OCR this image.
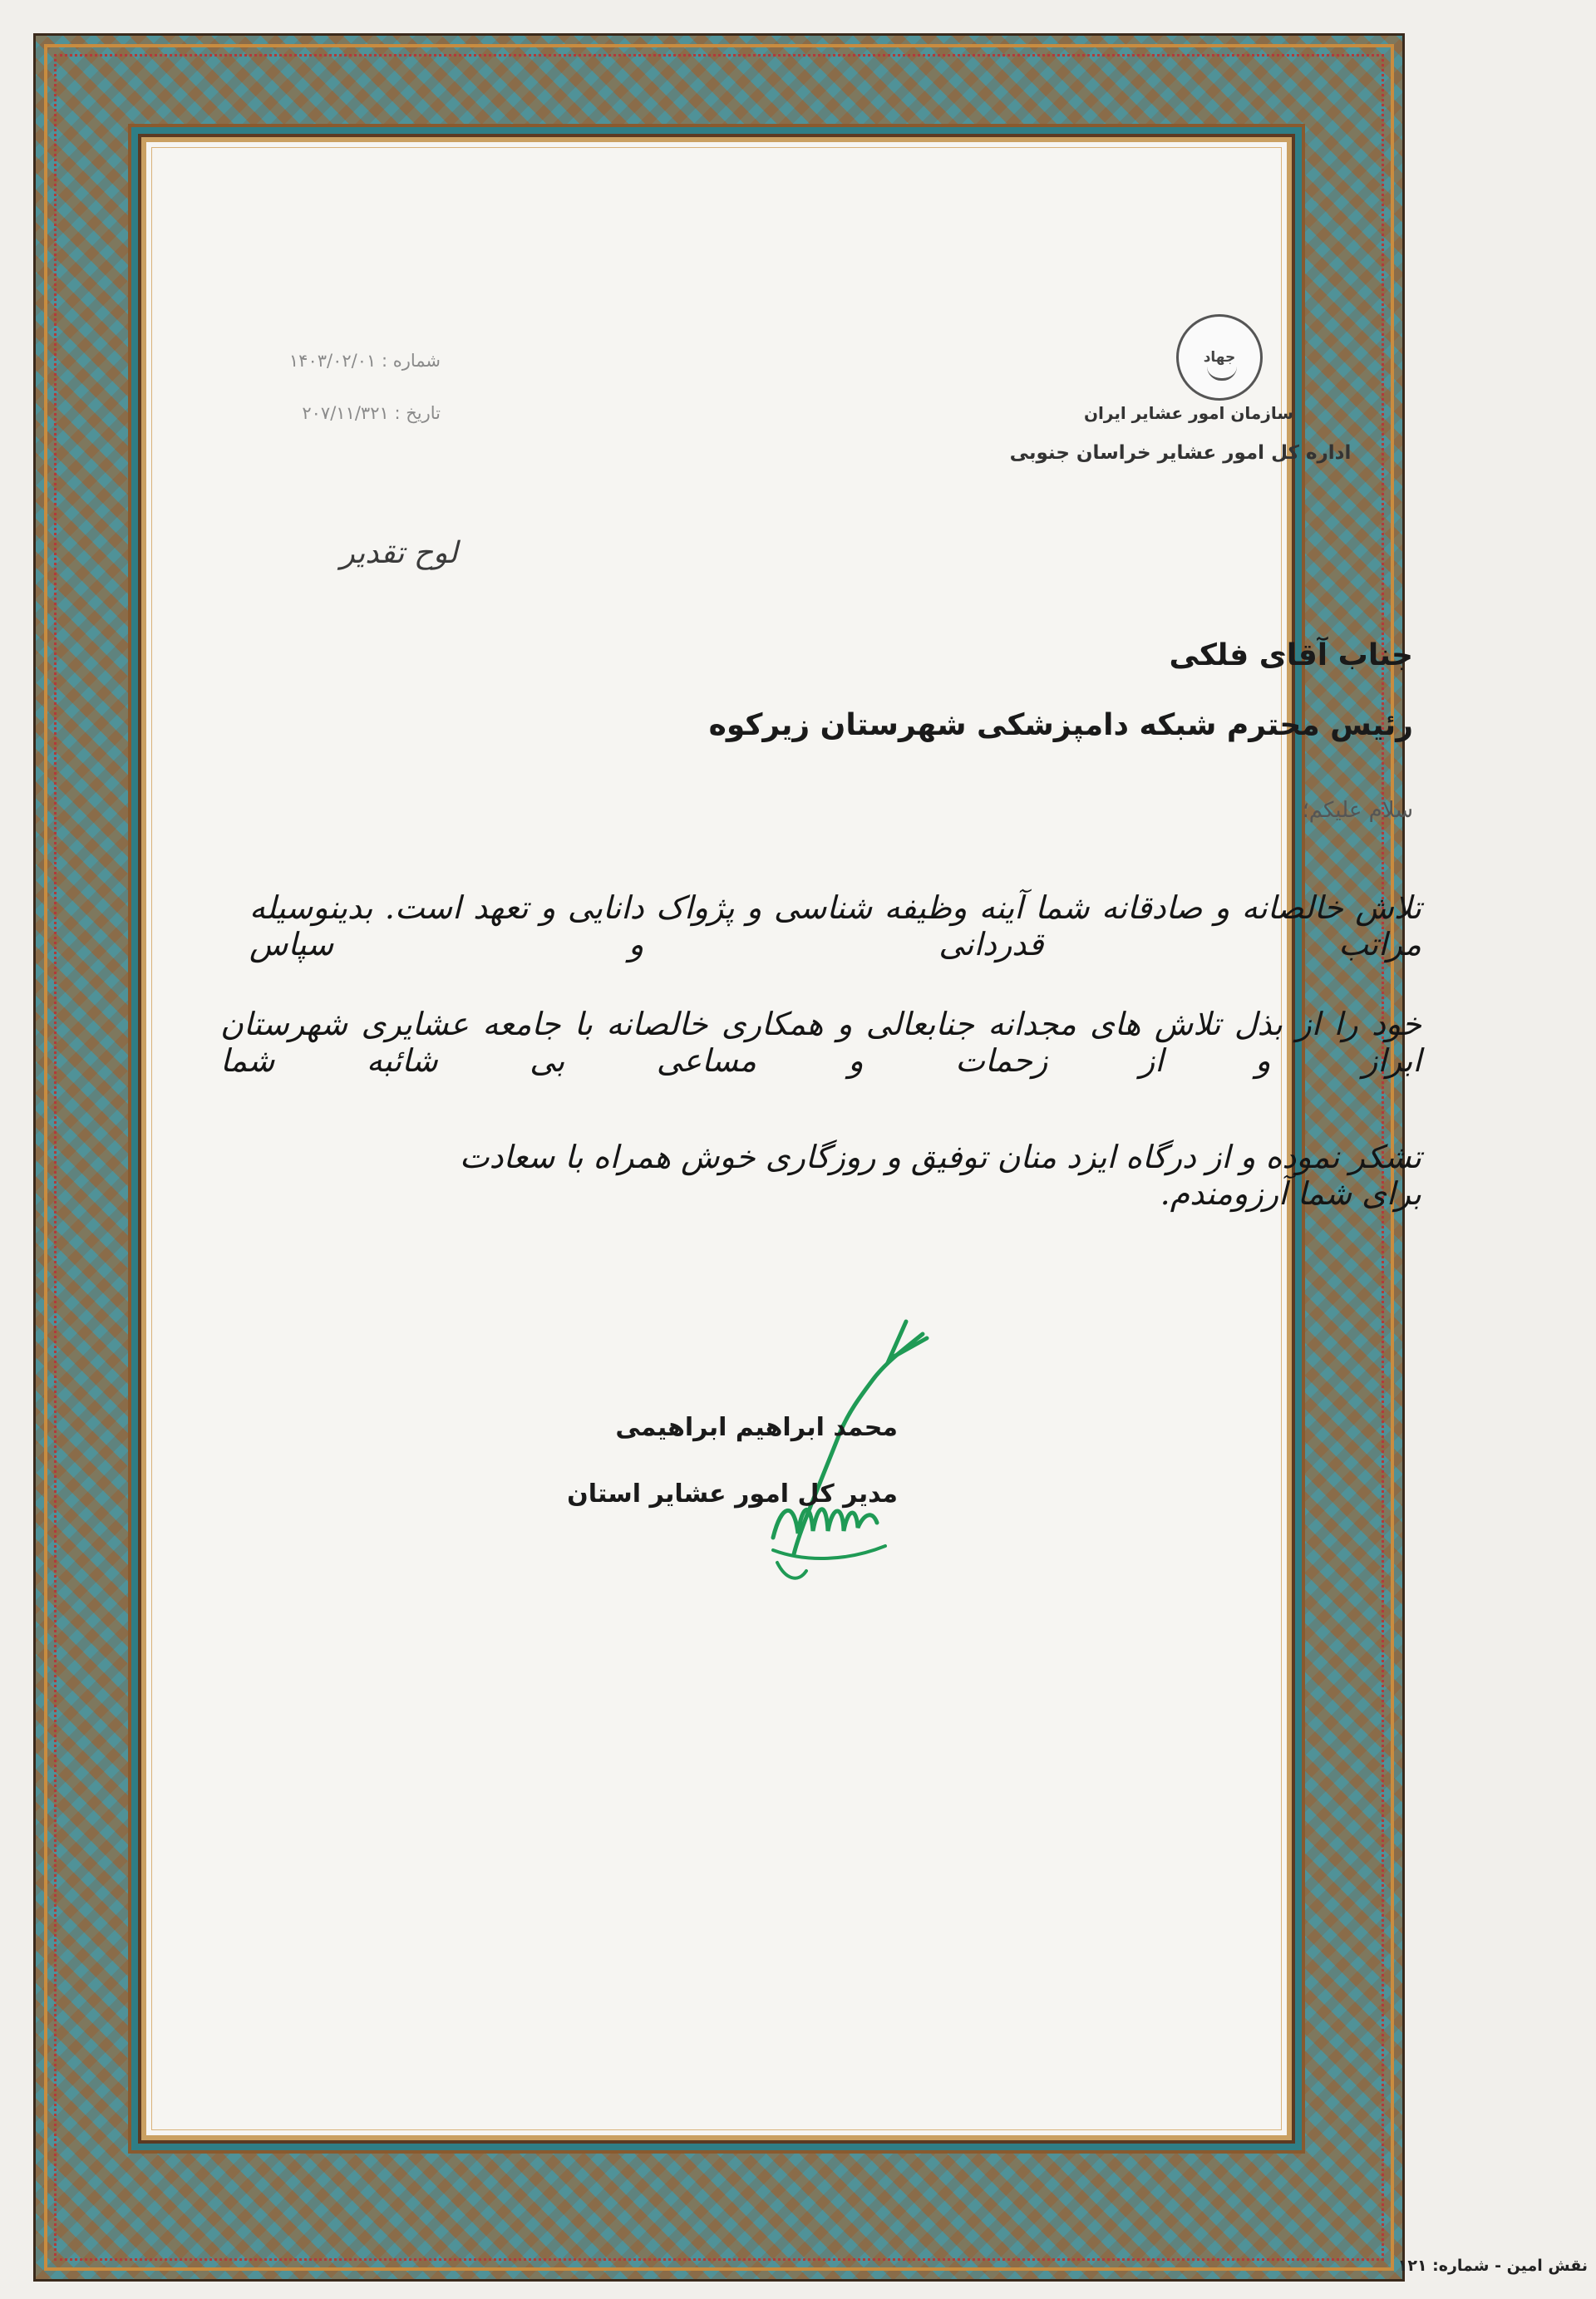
جهاد
سازمان امور عشایر ایران
اداره کل امور عشایر خراسان جنوبی
شماره : ۱۴۰۳/۰۲/۰۱
تاریخ : ۲۰۷/۱۱/۳۲۱
لوح تقدیر
جناب آقای فلکی
رئیس محترم شبکه دامپزشکی شهرستان زیرکوه
سلام علیکم؛
تلاش خالصانه و صادقانه شما آینه وظیفه شناسی و پژواک دانایی و تعهد است. بدینوسیله مراتب قدردانی و سپاس
خود را از بذل تلاش های مجدانه جنابعالی و همکاری خالصانه با جامعه عشایری شهرستان ابراز و از زحمات و مساعی بی شائبه شما
تشکر نموده و از درگاه ایزد منان توفیق و روزگاری خوش همراه با سعادت برای شما آرزومندم.
محمد ابراهیم ابراهیمی
مدیر کل امور عشایر استان
نقش امین - شماره: ۱۲۱
